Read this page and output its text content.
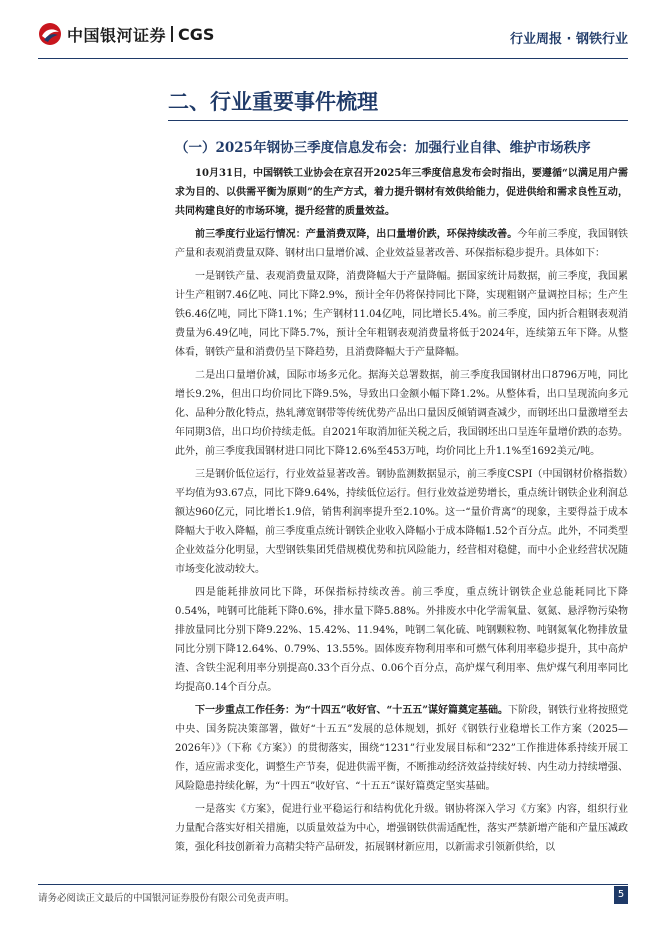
中国银河证券 CGS	行业周报 · 钢铁行业
二、行业重要事件梳理
（一）2025年钢协三季度信息发布会：加强行业自律、维护市场秩序

10月31日，中国钢铁工业协会在京召开2025年三季度信息发布会时指出，要遵循“以满足用户需求为目的、以供需平衡为原则”的生产方式，着力提升钢材有效供给能力，促进供给和需求良性互动，共同构建良好的市场环境，提升经营的质量效益。

前三季度行业运行情况：产量消费双降，出口量增价跌，环保持续改善。今年前三季度，我国钢铁产量和表观消费量双降、钢材出口量增价减、企业效益显著改善、环保指标稳步提升。具体如下：

一是钢铁产量、表观消费量双降，消费降幅大于产量降幅。据国家统计局数据，前三季度，我国累计生产粗钢7.46亿吨、同比下降2.9%，预计全年仍将保持同比下降，实现粗钢产量调控目标；生产生铁6.46亿吨，同比下降1.1%；生产钢材11.04亿吨，同比增长5.4%。前三季度，国内折合粗钢表观消费量为6.49亿吨，同比下降5.7%，预计全年粗钢表观消费量将低于2024年，连续第五年下降。从整体看，钢铁产量和消费仍呈下降趋势，且消费降幅大于产量降幅。

二是出口量增价减，国际市场多元化。据海关总署数据，前三季度我国钢材出口8796万吨，同比增长9.2%，但出口均价同比下降9.5%，导致出口金额小幅下降1.2%。从整体看，出口呈现流向多元化、品种分散化特点，热轧薄宽钢带等传统优势产品出口量因反倾销调查减少，而钢坯出口量激增至去年同期3倍，出口均价持续走低。自2021年取消加征关税之后，我国钢坯出口呈连年量增价跌的态势。此外，前三季度我国钢材进口同比下降12.6%至453万吨，均价同比上升1.1%至1692美元/吨。

三是钢价低位运行，行业效益显著改善。钢协监测数据显示，前三季度CSPI（中国钢材价格指数）平均值为93.67点，同比下降9.64%，持续低位运行。但行业效益逆势增长，重点统计钢铁企业利润总额达960亿元，同比增长1.9倍，销售利润率提升至2.10%。这一“量价背离”的现象，主要得益于成本降幅大于收入降幅，前三季度重点统计钢铁企业收入降幅小于成本降幅1.52个百分点。此外，不同类型企业效益分化明显，大型钢铁集团凭借规模优势和抗风险能力，经营相对稳健，而中小企业经营状况随市场变化波动较大。

四是能耗排放同比下降，环保指标持续改善。前三季度，重点统计钢铁企业总能耗同比下降0.54%，吨钢可比能耗下降0.6%，排水量下降5.88%。外排废水中化学需氧量、氨氮、悬浮物污染物排放量同比分别下降9.22%、15.42%、11.94%，吨钢二氧化硫、吨钢颗粒物、吨钢氮氧化物排放量同比分别下降12.64%、0.79%、13.55%。固体废弃物利用率和可燃气体利用率稳步提升，其中高炉渣、含铁尘泥利用率分别提高0.33个百分点、0.06个百分点，高炉煤气利用率、焦炉煤气利用率同比均提高0.14个百分点。

下一步重点工作任务：为“十四五”收好官、“十五五”谋好篇奠定基础。下阶段，钢铁行业将按照党中央、国务院决策部署，做好“十五五”发展的总体规划，抓好《钢铁行业稳增长工作方案（2025—2026年）》（下称《方案》）的贯彻落实，围绕“1231”行业发展目标和“232”工作推进体系持续开展工作，适应需求变化，调整生产节奏，促进供需平衡，不断推动经济效益持续好转、内生动力持续增强、风险隐患持续化解，为“十四五”收好官、“十五五”谋好篇奠定坚实基础。

一是落实《方案》，促进行业平稳运行和结构优化升级。钢协将深入学习《方案》内容，组织行业力量配合落实好相关措施，以质量效益为中心，增强钢铁供需适配性，落实严禁新增产能和产量压减政策，强化科技创新着力高精尖特产品研发，拓展钢材新应用，以新需求引领新供给，以

请务必阅读正文最后的中国银河证券股份有限公司免责声明。	5
